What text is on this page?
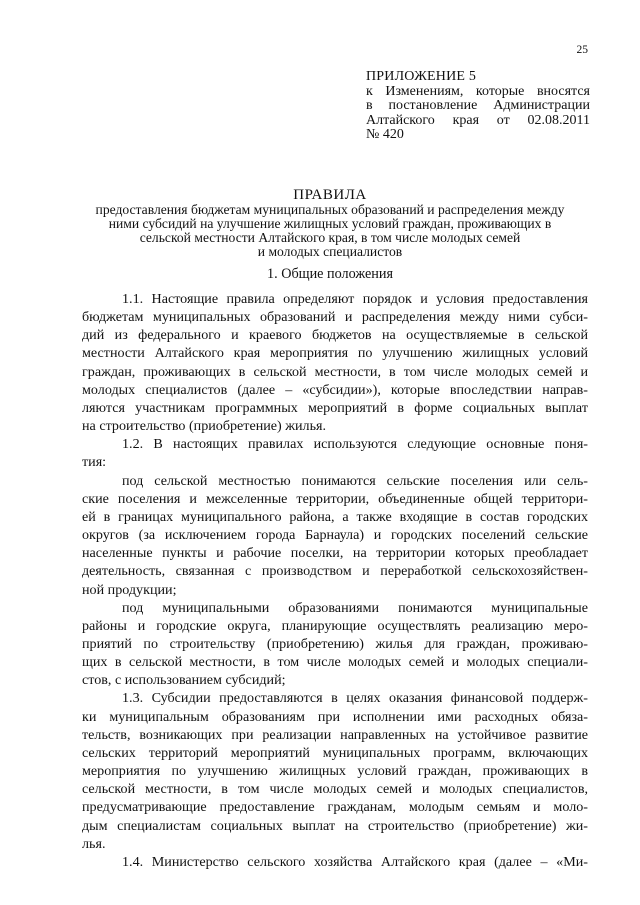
25
ПРИЛОЖЕНИЕ 5
к Изменениям, которые вносятся
в постановление Администрации
Алтайского края от 02.08.2011
№ 420
ПРАВИЛА
предоставления бюджетам муниципальных образований и распределения между
ними субсидий на улучшение жилищных условий граждан, проживающих в
сельской местности Алтайского края, в том числе молодых семей
и молодых специалистов
1. Общие положения

1.1. Настоящие правила определяют порядок и условия предоставления
бюджетам муниципальных образований и распределения между ними субси-
дий из федерального и краевого бюджетов на осуществляемые в сельской
местности Алтайского края мероприятия по улучшению жилищных условий
граждан, проживающих в сельской местности, в том числе молодых семей и
молодых специалистов (далее – «субсидии»), которые впоследствии направ-
ляются участникам программных мероприятий в форме социальных выплат
на строительство (приобретение) жилья.

1.2. В настоящих правилах используются следующие основные поня-
тия:

под сельской местностью понимаются сельские поселения или сель-
ские поселения и межселенные территории, объединенные общей территори-
ей в границах муниципального района, а также входящие в состав городских
округов (за исключением города Барнаула) и городских поселений сельские
населенные пункты и рабочие поселки, на территории которых преобладает
деятельность, связанная с производством и переработкой сельскохозяйствен-
ной продукции;

под муниципальными образованиями понимаются муниципальные
районы и городские округа, планирующие осуществлять реализацию меро-
приятий по строительству (приобретению) жилья для граждан, проживаю-
щих в сельской местности, в том числе молодых семей и молодых специали-
стов, с использованием субсидий;

1.3. Субсидии предоставляются в целях оказания финансовой поддерж-
ки муниципальным образованиям при исполнении ими расходных обяза-
тельств, возникающих при реализации направленных на устойчивое развитие
сельских территорий мероприятий муниципальных программ, включающих
мероприятия по улучшению жилищных условий граждан, проживающих в
сельской местности, в том числе молодых семей и молодых специалистов,
предусматривающие предоставление гражданам, молодым семьям и моло-
дым специалистам социальных выплат на строительство (приобретение) жи-
лья.

1.4. Министерство сельского хозяйства Алтайского края (далее – «Ми-
